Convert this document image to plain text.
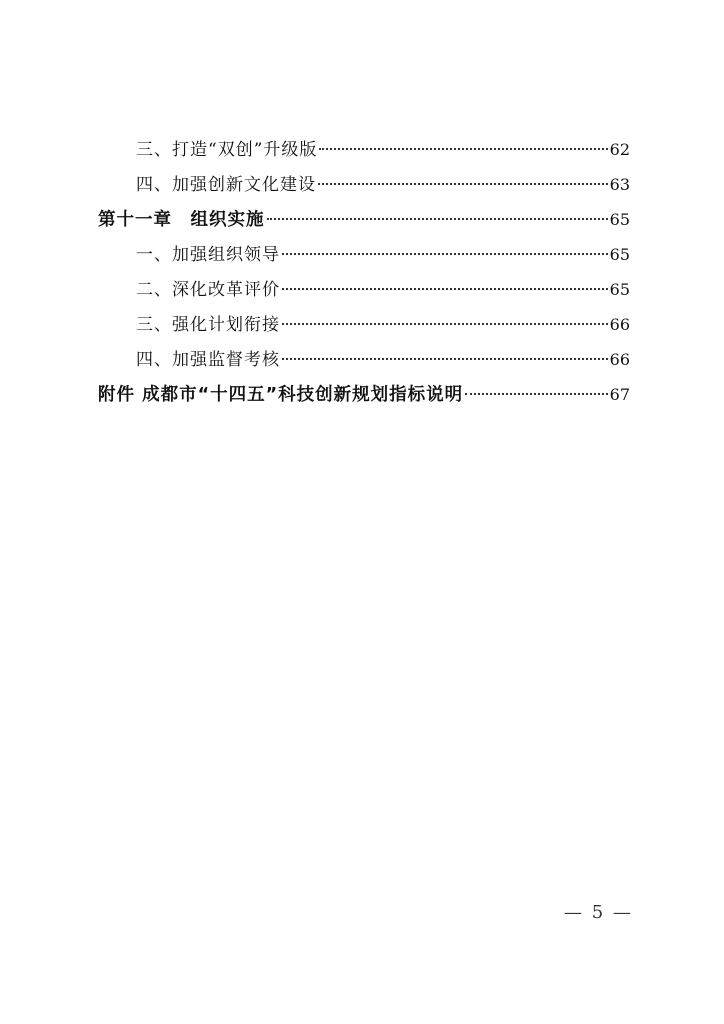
三、打造“双创”升级版	62
四、加强创新文化建设	63
第十一章　组织实施	65
一、加强组织领导	65
二、深化改革评价	65
三、强化计划衔接	66
四、加强监督考核	66
附件 成都市“十四五”科技创新规划指标说明	67
— 5 —
